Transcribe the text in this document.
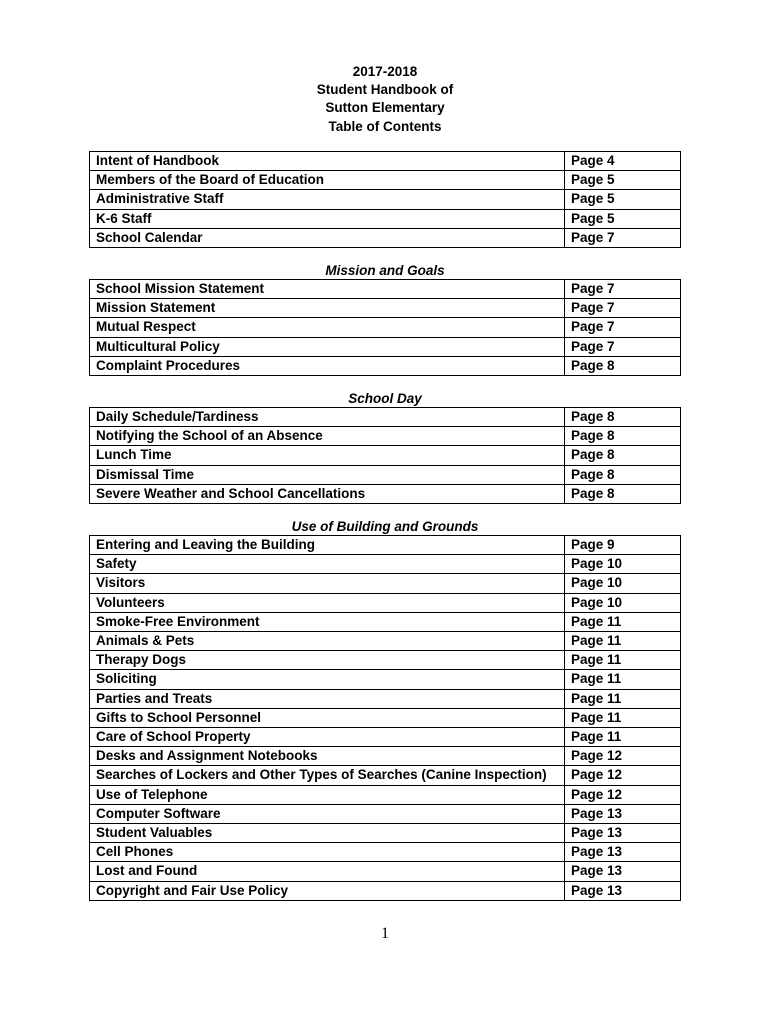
2017-2018
Student Handbook of
Sutton Elementary
Table of Contents
Intent of Handbook	Page 4
Members of the Board of Education	Page 5
Administrative Staff	Page 5
K-6 Staff	Page 5
School Calendar	Page 7
Mission and Goals
School Mission Statement	Page 7
Mission Statement	Page 7
Mutual Respect	Page 7
Multicultural Policy	Page 7
Complaint Procedures	Page 8
School Day
Daily Schedule/Tardiness	Page 8
Notifying the School of an Absence	Page 8
Lunch Time	Page 8
Dismissal Time	Page 8
Severe Weather and School Cancellations	Page 8
Use of Building and Grounds
Entering and Leaving the Building	Page 9
Safety	Page 10
Visitors	Page 10
Volunteers	Page 10
Smoke-Free Environment	Page 11
Animals & Pets	Page 11
Therapy Dogs	Page 11
Soliciting	Page 11
Parties and Treats	Page 11
Gifts to School Personnel	Page 11
Care of School Property	Page 11
Desks and Assignment Notebooks	Page 12
Searches of Lockers and Other Types of Searches (Canine Inspection)	Page 12
Use of Telephone	Page 12
Computer Software	Page 13
Student Valuables	Page 13
Cell Phones	Page 13
Lost and Found	Page 13
Copyright and Fair Use Policy	Page 13
1
